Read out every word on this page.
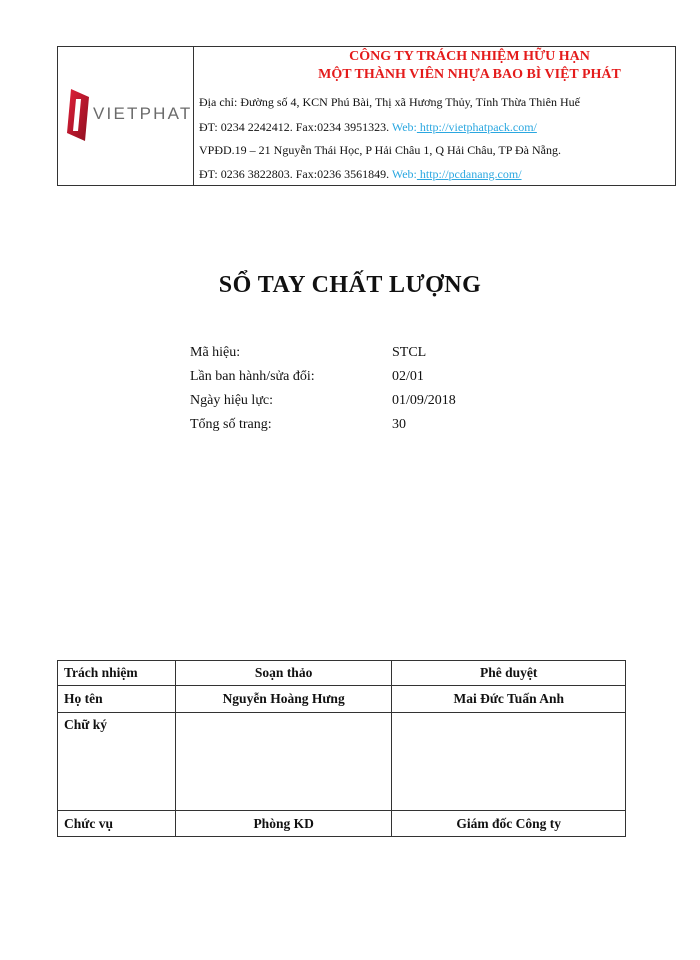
VIETPHAT
CÔNG TY TRÁCH NHIỆM HỮU HẠN
MỘT THÀNH VIÊN NHỰA BAO BÌ VIỆT PHÁT
Địa chỉ: Đường số 4, KCN Phú Bài, Thị xã Hương Thủy, Tỉnh Thừa Thiên Huế
ĐT: 0234 2242412. Fax:0234 3951323. Web: http://vietphatpack.com/
VPĐD.19 – 21 Nguyễn Thái Học, P Hải Châu 1, Q Hải Châu, TP Đà Nẵng.
ĐT: 0236 3822803. Fax:0236 3561849. Web: http://pcdanang.com/
SỔ TAY CHẤT LƯỢNG
Mã hiệu:	STCL
Lần ban hành/sửa đổi:	02/01
Ngày hiệu lực:	01/09/2018
Tổng số trang:	30
Trách nhiệm	Soạn thảo	Phê duyệt
Họ tên	Nguyễn Hoàng Hưng	Mai Đức Tuấn Anh
Chữ ký		
Chức vụ	Phòng KD	Giám đốc Công ty
